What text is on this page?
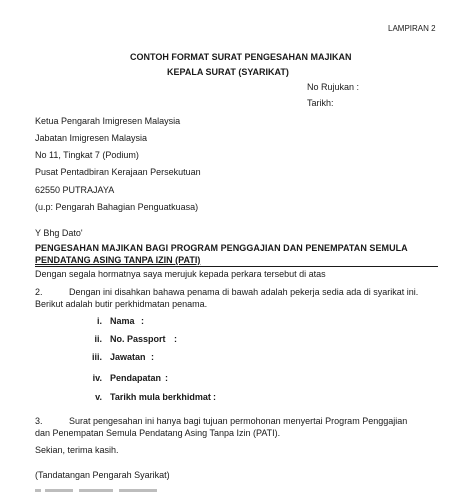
LAMPIRAN 2
CONTOH FORMAT SURAT PENGESAHAN MAJIKAN
KEPALA SURAT (SYARIKAT)
No Rujukan :
Tarikh:
Ketua Pengarah Imigresen Malaysia
Jabatan Imigresen Malaysia
No 11, Tingkat 7 (Podium)
Pusat Pentadbiran Kerajaan Persekutuan
62550 PUTRAJAYA
(u.p: Pengarah Bahagian Penguatkuasa)
Y Bhg Dato'
PENGESAHAN MAJIKAN BAGI PROGRAM PENGGAJIAN DAN PENEMPATAN SEMULA
PENDATANG ASING TANPA IZIN (PATI)
Dengan segala hormatnya saya merujuk kepada perkara tersebut di atas
2.	Dengan ini disahkan bahawa penama di bawah adalah pekerja sedia ada di syarikat ini.
Berikut adalah butir perkhidmatan penama.
i. Nama :
ii. No. Passport :
iii. Jawatan :
iv. Pendapatan :
v. Tarikh mula berkhidmat :
3.	Surat pengesahan ini hanya bagi tujuan permohonan menyertai Program Penggajian
dan Penempatan Semula Pendatang Asing Tanpa Izin (PATI).
Sekian, terima kasih.
(Tandatangan Pengarah Syarikat)
